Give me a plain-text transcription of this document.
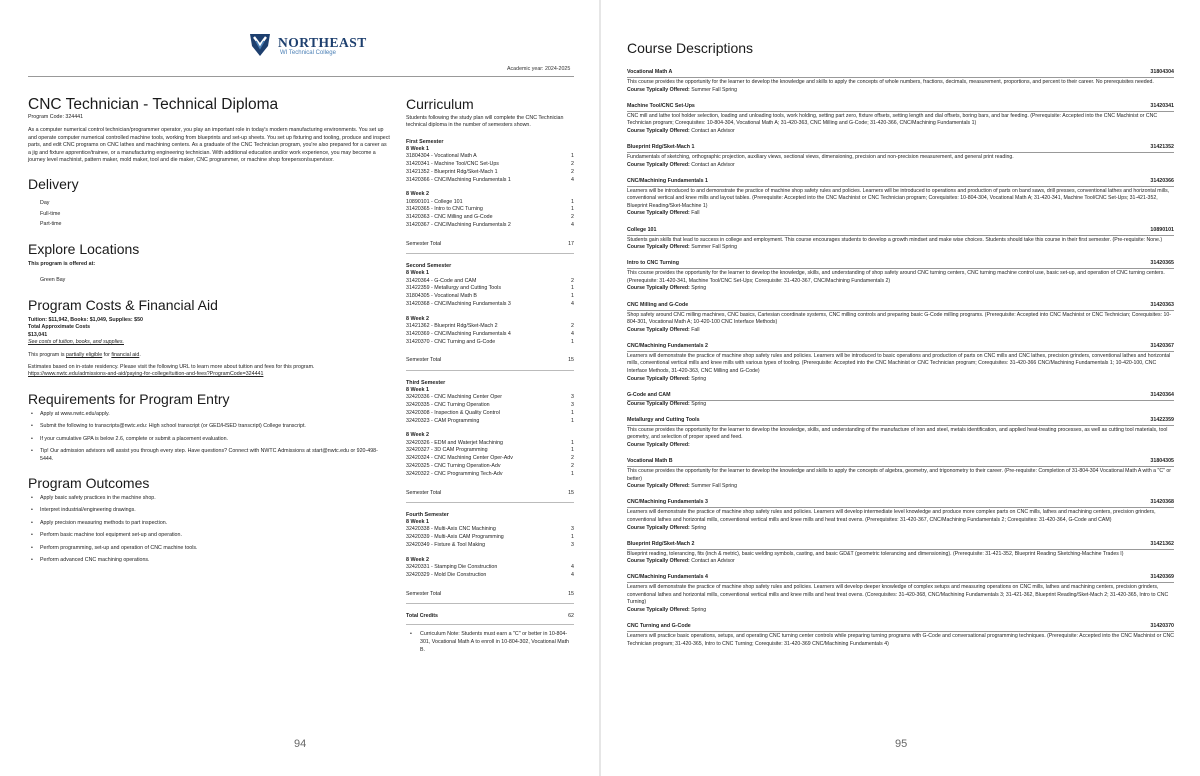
NORTHEAST
WI Technical College
Academic year: 2024-2025
CNC Technician - Technical Diploma
Program Code: 324441
As a computer numerical control technician/programmer operator, you play an important role in today's modern manufacturing environments. You set up and operate computer numerical controlled machine tools, working from blueprints and set-up sheets. You set up fixturing and tooling, produce and inspect parts, and edit CNC programs on CNC lathes and machining centers. As a graduate of the CNC Technician program, you're also prepared for a career as a jig and fixture apprentice/trainee, or a manufacturing engineering technician. With additional education and/or work experience, you may become a journey level machinist, pattern maker, mold maker, tool and die maker, CNC programmer, or machine shop foreperson/supervisor.
Delivery
Day
Full-time
Part-time
Explore Locations
This program is offered at:
Green Bay
Program Costs & Financial Aid
Tuition: $11,942, Books: $1,049, Supplies: $50
Total Approximate Costs
$13,041
See costs of tuition, books, and supplies.
This program is partially eligible for financial aid.
Estimates based on in-state residency. Please visit the following URL to learn more about tuition and fees for this program.
https://www.nwtc.edu/admissions-and-aid/paying-for-college/tuition-and-fees?ProgramCode=324441
Requirements for Program Entry
• Apply at www.nwtc.edu/apply.
• Submit the following to transcripts@nwtc.edu: High school transcript (or GED/HSED transcript) College transcript.
• If your cumulative GPA is below 2.6, complete or submit a placement evaluation.
• Tip! Our admission advisors will assist you through every step. Have questions? Connect with NWTC Admissions at start@nwtc.edu or 920-498-5444.
Program Outcomes
• Apply basic safety practices in the machine shop.
• Interpret industrial/engineering drawings.
• Apply precision measuring methods to part inspection.
• Perform basic machine tool equipment set-up and operation.
• Perform programming, set-up and operation of CNC machine tools.
• Perform advanced CNC machining operations.
Curriculum
Students following the study plan will complete the CNC Technician technical diploma in the number of semesters shown.
First Semester
8 Week 1
31804304 - Vocational Math A	1
31420341 - Machine Tool/CNC Set-Ups	2
31421352 - Blueprint Rdg/Sket-Mach 1	2
31420366 - CNC/Machining Fundamentals 1	4
8 Week 2
10890101 - College 101	1
31420365 - Intro to CNC Turning	1
31420363 - CNC Milling and G-Code	2
31420367 - CNC/Machining Fundamentals 2	4
Semester Total	17
Second Semester
8 Week 1
31420364 - G-Code and CAM	2
31422359 - Metallurgy and Cutting Tools	1
31804305 - Vocational Math B	1
31420368 - CNC/Machining Fundamentals 3	4
8 Week 2
31421362 - Blueprint Rdg/Sket-Mach 2	2
31420369 - CNC/Machining Fundamentals 4	4
31420370 - CNC Turning and G-Code	1
Semester Total	15
Third Semester
8 Week 1
32420336 - CNC Machining Center Oper	3
32420335 - CNC Turning Operation	3
32420308 - Inspection & Quality Control	1
32420323 - CAM Programming	1
8 Week 2
32420326 - EDM and Waterjet Machining	1
32420327 - 3D CAM Programming	1
32420324 - CNC Machining Center Oper-Adv	2
32420325 - CNC Turning Operation-Adv	2
32420322 - CNC Programming Tech-Adv	1
Semester Total	15
Fourth Semester
8 Week 1
32420338 - Multi-Axis CNC Machining	3
32420339 - Multi-Axis CAM Programming	1
32420349 - Fixture & Tool Making	3
8 Week 2
32420331 - Stamping Die Construction	4
32420329 - Mold Die Construction	4
Semester Total	15
Total Credits	62
• Curriculum Note: Students must earn a "C" or better in 10-804-301, Vocational Math A to enroll in 10-804-302, Vocational Math B.
94
Course Descriptions
Vocational Math A	31804304
This course provides the opportunity for the learner to develop the knowledge and skills to apply the concepts of whole numbers, fractions, decimals, measurement, proportions, and percent to their career. No prerequisites needed.
Course Typically Offered: Summer Fall Spring
Machine Tool/CNC Set-Ups	31420341
CNC mill and lathe tool holder selection, loading and unloading tools, work holding, setting part zero, fixture offsets, setting length and dial offsets, boring bars, and bar feeding. (Prerequisite: Accepted into the CNC Machinist or CNC Technician program; Corequisites: 10-804-304, Vocational Math A; 31-420-363, CNC Milling and G-Code; 31-420-366, CNC/Machining Fundamentals 1)
Course Typically Offered: Contact an Advisor
Blueprint Rdg/Sket-Mach 1	31421352
Fundamentals of sketching, orthographic projection, auxiliary views, sectional views, dimensioning, precision and non-precision measurement, and general print reading.
Course Typically Offered: Contact an Advisor
CNC/Machining Fundamentals 1	31420366
Learners will be introduced to and demonstrate the practice of machine shop safety rules and policies. Learners will be introduced to operations and production of parts on band saws, drill presses, conventional lathes and horizontal mills, conventional vertical and knee mills and layout tables. (Prerequisite: Accepted into the CNC Machinist or CNC Technician program; Corequisites: 10-804-304, Vocational Math A; 31-420-341, Machine Tool/CNC Set-Ups; 31-421-352, Blueprint Reading/Sket-Machine 1)
Course Typically Offered: Fall
College 101	10890101
Students gain skills that lead to success in college and employment. This course encourages students to develop a growth mindset and make wise choices. Students should take this course in their first semester. (Pre-requisite: None.)
Course Typically Offered: Summer Fall Spring
Intro to CNC Turning	31420365
This course provides the opportunity for the learner to develop the knowledge, skills, and understanding of shop safety around CNC turning centers, CNC turning machine control use, basic set-up, and operation of CNC turning centers. (Prerequisite: 31-420-341, Machine Tool/CNC Set-Ups; Corequisite: 31-420-367, CNC/Machining Fundamentals 2)
Course Typically Offered: Spring
CNC Milling and G-Code	31420363
Shop safety around CNC milling machines, CNC basics, Cartesian coordinate systems, CNC milling controls and preparing basic G-Code milling programs. (Prerequisite: Accepted into CNC Machinist or CNC Technician; Corequisites: 10-804-301, Vocational Math A; 10-420-100 CNC Interface Methods)
Course Typically Offered: Fall
CNC/Machining Fundamentals 2	31420367
Learners will demonstrate the practice of machine shop safety rules and policies. Learners will be introduced to basic operations and production of parts on CNC mills and CNC lathes, precision grinders, conventional lathes and horizontal mills, conventional vertical mills and knee mills with various types of tooling. (Prerequisite: Accepted into the CNC Machinist or CNC Technician program; Corequisites: 31-420-366 CNC/Machining Fundamentals 1; 10-420-100, CNC Interface Methods, 31-420-363, CNC Milling and G-Code)
Course Typically Offered: Spring
G-Code and CAM	31420364
Course Typically Offered: Spring
Metallurgy and Cutting Tools	31422359
This course provides the opportunity for the learner to develop the knowledge, skills, and understanding of the manufacture of iron and steel, metals identification, and applied heat-treating processes, as well as cutting tool materials, tool geometry, and selection of proper speed and feed.
Course Typically Offered:
Vocational Math B	31804305
This course provides the opportunity for the learner to develop the knowledge and skills to apply the concepts of algebra, geometry, and trigonometry to their career. (Pre-requisite: Completion of 31-804-304 Vocational Math A with a "C" or better)
Course Typically Offered: Summer Fall Spring
CNC/Machining Fundamentals 3	31420368
Learners will demonstrate the practice of machine shop safety rules and policies. Learners will develop intermediate level knowledge and produce more complex parts on CNC mills, lathes and machining centers, precision grinders, conventional lathes and horizontal mills, conventional vertical mills and knee mills and heat treat ovens. (Prerequisites: 31-420-367, CNC/Machining Fundamentals 2; Corequisites: 31-420-364, G-Code and CAM)
Course Typically Offered: Spring
Blueprint Rdg/Sket-Mach 2	31421362
Blueprint reading, tolerancing, fits (inch & metric), basic welding symbols, casting, and basic GD&T (geometric tolerancing and dimensioning). (Prerequisite: 31-421-352, Blueprint Reading Sketching-Machine Trades I)
Course Typically Offered: Contact an Advisor
CNC/Machining Fundamentals 4	31420369
Learners will demonstrate the practice of machine shop safety rules and policies. Learners will develop deeper knowledge of complex setups and measuring operations on CNC mills, lathes and machining centers, precision grinders, conventional lathes and horizontal mills, conventional vertical mills and knee mills and heat treat ovens. (Corequisites: 31-420-368, CNC/Machining Fundamentals 3; 31-421-362, Blueprint Reading/Sket-Mach 2; 31-420-365, Intro to CNC Turning)
Course Typically Offered: Spring
CNC Turning and G-Code	31420370
Learners will practice basic operations, setups, and operating CNC turning center controls while preparing turning programs with G-Code and conversational programming techniques. (Prerequisite: Accepted into the CNC Machinist or CNC Technician program; 31-420-365, Intro to CNC Turning; Corequisite: 31-420-369 CNC/Machining Fundamentals 4)
95
